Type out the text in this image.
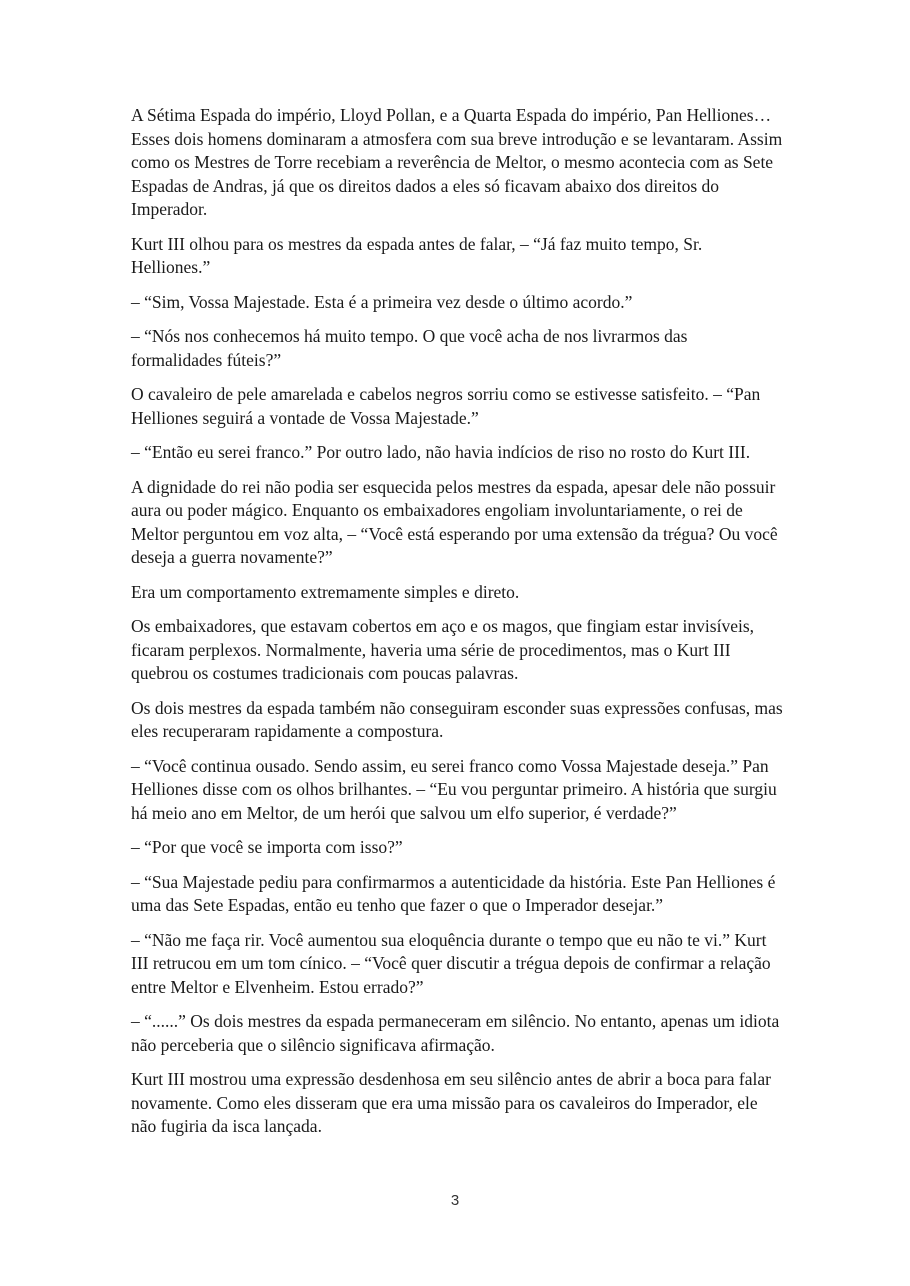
A Sétima Espada do império, Lloyd Pollan, e a Quarta Espada do império, Pan Helliones… Esses dois homens dominaram a atmosfera com sua breve introdução e se levantaram. Assim como os Mestres de Torre recebiam a reverência de Meltor, o mesmo acontecia com as Sete Espadas de Andras, já que os direitos dados a eles só ficavam abaixo dos direitos do Imperador.

Kurt III olhou para os mestres da espada antes de falar, – “Já faz muito tempo, Sr. Helliones.”

– “Sim, Vossa Majestade. Esta é a primeira vez desde o último acordo.”

– “Nós nos conhecemos há muito tempo. O que você acha de nos livrarmos das formalidades fúteis?”

O cavaleiro de pele amarelada e cabelos negros sorriu como se estivesse satisfeito. – “Pan Helliones seguirá a vontade de Vossa Majestade.”

– “Então eu serei franco.” Por outro lado, não havia indícios de riso no rosto do Kurt III.

A dignidade do rei não podia ser esquecida pelos mestres da espada, apesar dele não possuir aura ou poder mágico. Enquanto os embaixadores engoliam involuntariamente, o rei de Meltor perguntou em voz alta, – “Você está esperando por uma extensão da trégua? Ou você deseja a guerra novamente?”

Era um comportamento extremamente simples e direto.

Os embaixadores, que estavam cobertos em aço e os magos, que fingiam estar invisíveis, ficaram perplexos. Normalmente, haveria uma série de procedimentos, mas o Kurt III quebrou os costumes tradicionais com poucas palavras.

Os dois mestres da espada também não conseguiram esconder suas expressões confusas, mas eles recuperaram rapidamente a compostura.

– “Você continua ousado. Sendo assim, eu serei franco como Vossa Majestade deseja.” Pan Helliones disse com os olhos brilhantes. – “Eu vou perguntar primeiro. A história que surgiu há meio ano em Meltor, de um herói que salvou um elfo superior, é verdade?”

– “Por que você se importa com isso?”

– “Sua Majestade pediu para confirmarmos a autenticidade da história. Este Pan Helliones é uma das Sete Espadas, então eu tenho que fazer o que o Imperador desejar.”

– “Não me faça rir. Você aumentou sua eloquência durante o tempo que eu não te vi.” Kurt III retrucou em um tom cínico. – “Você quer discutir a trégua depois de confirmar a relação entre Meltor e Elvenheim. Estou errado?”

– “......” Os dois mestres da espada permaneceram em silêncio. No entanto, apenas um idiota não perceberia que o silêncio significava afirmação.

Kurt III mostrou uma expressão desdenhosa em seu silêncio antes de abrir a boca para falar novamente. Como eles disseram que era uma missão para os cavaleiros do Imperador, ele não fugiria da isca lançada.

3
